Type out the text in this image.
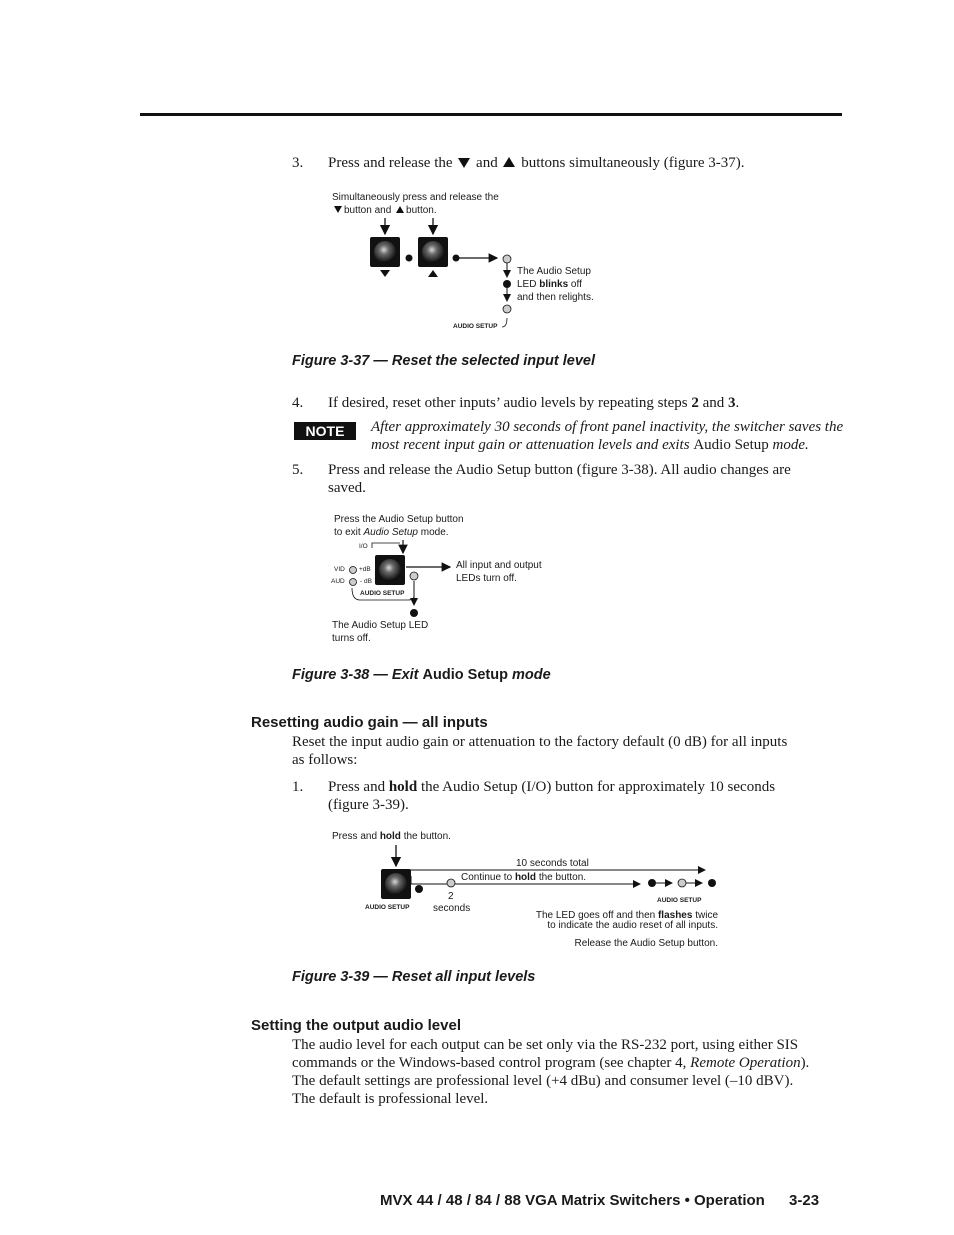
3. Press and release the and buttons simultaneously (figure 3-37).
Simultaneously press and release the
button and button.
The Audio Setup
LED blinks off
and then relights.
AUDIO SETUP
Figure 3-37 — Reset the selected input level
4. If desired, reset other inputs’ audio levels by repeating steps 2 and 3.
NOTE	After approximately 30 seconds of front panel inactivity, the switcher saves the
most recent input gain or attenuation levels and exits Audio Setup mode.
5. Press and release the Audio Setup button (figure 3-38). All audio changes are
saved.
Press the Audio Setup button
to exit Audio Setup mode.
I/O
VID
AUD
+dB
- dB
AUDIO SETUP
All input and output
LEDs turn off.
The Audio Setup LED
turns off.
Figure 3-38 — Exit Audio Setup mode
Resetting audio gain — all inputs
Reset the input audio gain or attenuation to the factory default (0 dB) for all inputs
as follows:
1. Press and hold the Audio Setup (I/O) button for approximately 10 seconds
(figure 3-39).
Press and hold the button.
10 seconds total
Continue to hold the button.
2
seconds
AUDIO SETUP
AUDIO SETUP
The LED goes off and then flashes twice
to indicate the audio reset of all inputs.
Release the Audio Setup button.
Figure 3-39 — Reset all input levels
Setting the output audio level
The audio level for each output can be set only via the RS-232 port, using either SIS
commands or the Windows-based control program (see chapter 4, Remote Operation).
The default settings are professional level (+4 dBu) and consumer level (–10 dBV).
The default is professional level.
MVX 44 / 48 / 84 / 88 VGA Matrix Switchers • Operation 3-23
